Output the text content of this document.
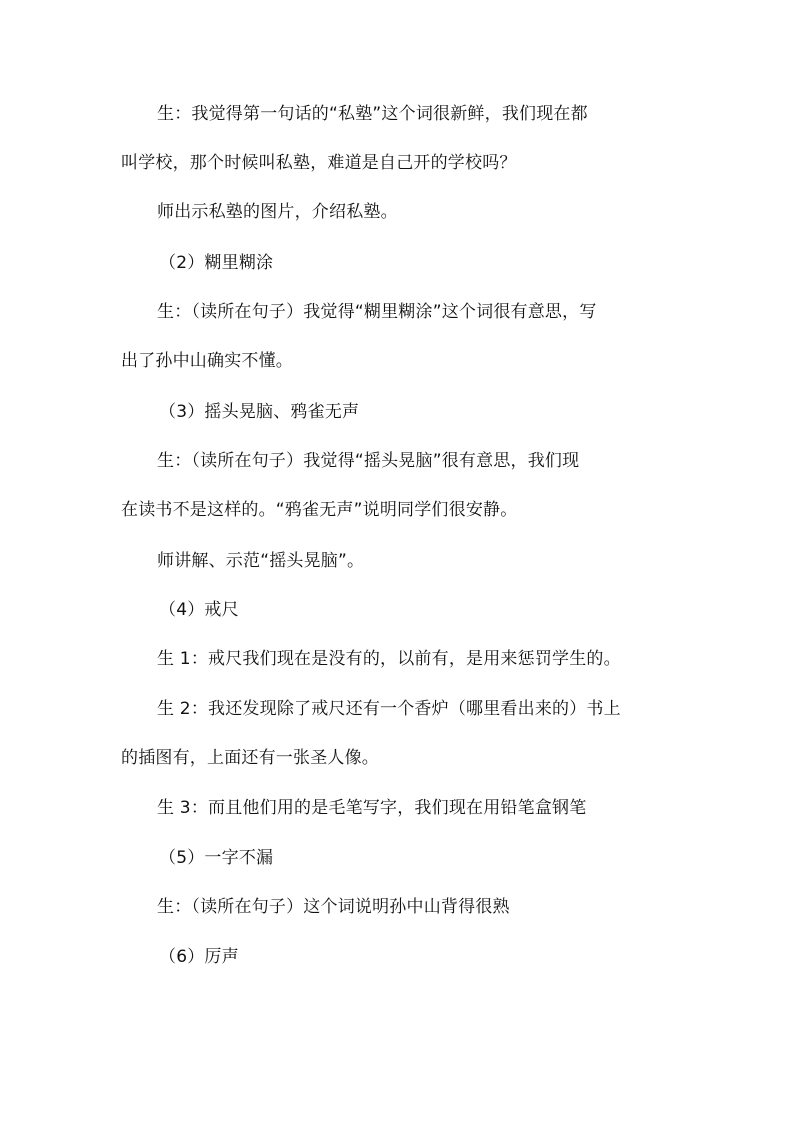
生：我觉得第一句话的“私塾”这个词很新鲜，我们现在都

叫学校，那个时候叫私塾，难道是自己开的学校吗？

师出示私塾的图片，介绍私塾。

（2）糊里糊涂

生：（读所在句子）我觉得“糊里糊涂”这个词很有意思，写

出了孙中山确实不懂。

（3）摇头晃脑、鸦雀无声

生：（读所在句子）我觉得“摇头晃脑”很有意思，我们现

在读书不是这样的。“鸦雀无声”说明同学们很安静。

师讲解、示范“摇头晃脑”。

（4）戒尺

生 1：戒尺我们现在是没有的，以前有，是用来惩罚学生的。

生 2：我还发现除了戒尺还有一个香炉（哪里看出来的）书上

的插图有，上面还有一张圣人像。

生 3：而且他们用的是毛笔写字，我们现在用铅笔盒钢笔

（5）一字不漏

生：（读所在句子）这个词说明孙中山背得很熟

（6）厉声
